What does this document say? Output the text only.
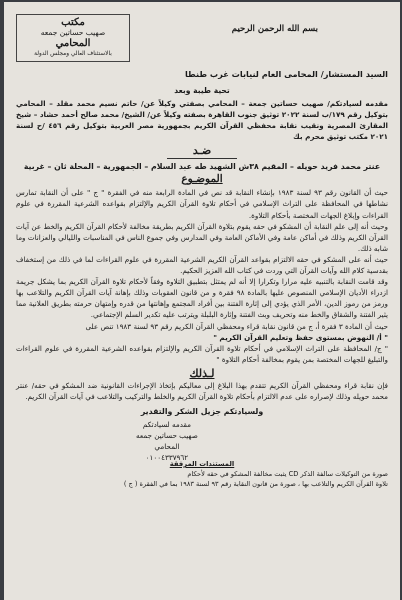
بسم الله الرحمن الرحيم
مكتب
صهيب حساتين جمعه
المحامي
بالاستئناف العالي ومجلس الدولة
السيد المستشار/ المحامى العام لنيابات غرب طنطا
تحية طيبة وبعد

مقدمه لسيادتكم/ صهيب حساتين جمعة – المحامي بصفتي وكيلاً عن/ حاتم نسيم محمد مقلد – المحامي بتوكيل رقم ١٧٩/ب لسنة ٢٠٢٢ توثيق جنوب القاهرة بصفته وكيلاً عن/ الشيخ/ محمد صالح أحمد حشاد – شيخ المقارئ المصرية ونقيب نقابة محفظي القرآن الكريم بجمهورية مصر العربية بتوكيل رقم ٤٥٦ /ح لسنة ٢٠٢١ مكتب توثيق محرم بك

ضـد
عنتر محمد فريد حويله – المقيم ٣٨ش الشهيد طه عبد السلام – الجمهورية – المحلة ثان – غربية
الموضـوع

حيث أن القانون رقم ٩٣ لسنة ١٩٨٣ بإنشاء النقابة قد نص في المادة الرابعة منه في الفقرة " ج " على أن النقابة تمارس نشاطها في المحافظة على التراث الإسلامي في أحكام تلاوة القرآن الكريم والإلتزام بقواعده الشرعية المقررة في علوم القراءات وإبلاغ الجهات المختصة بأحكام التلاوة.

وحيث أنه إلى علم النقابة أن المشكو في حقه يقوم بتلاوة القرآن الكريم بطريقة مخالفة لأحكام القرآن الكريم والخط عن آيات القرآن الكريم وذلك في أماكن عامة وفي الأماكن العامة وفي المدارس وفي جموع الناس في المناسبات والليالي والعزانات وما شابه ذلك.

حيث أنه على المشكو في حقه الالتزام بقواعد القرآن الكريم الشرعية المقررة في علوم القراءات لما في ذلك من إستخفاف بقدسية كلام الله وآيات القرآن التي وردت في كتاب الله العزيز الحكيم.

وقد قامت النقابة بالتنبيه عليه مرارا وتكرارا إلا أنه لم يمتثل بتطبيق التلاوة وفقاً لأحكام تلاوة القرآن الكريم بما يشكل جريمة ازدراء الأديان الإسلامي المنصوص عليها بالمادة ٩٨ فقرة و من قانون العقوبات وذلك بإهانة آيات القرآن الكريم والتلاعب بها ورمز من رموز الدين، الأمر الذي يؤدي إلى إثارة الفتنة بين أفراد المجتمع وإهانتها من قدره وإمتهان حرمته بطريق العلانية مما يثير الفتنة والشقاق والخط منه وتحريف وبث الفتنة وإثارة البلبلة ويترتب عليه تكدير السلم الإجتماعي.

حيث أن المادة ٣ فقرة أ، ج من قانون نقابة قراء ومحفظي القرآن الكريم رقم ٩٣ لسنة ١٩٨٣ تنص على

" أ/ النهوض بمستوى حفظ وتعليم القرآن الكريم "

" ج/ المحافظة على التراث الإسلامي في أحكام تلاوة القرآن الكريم والإلتزام بقواعده الشرعية المقررة في علوم القراءات والتبليغ للجهات المختصة بمن يقوم بمخالفة أحكام التلاوة "

لـذلك

فإن نقابة قراء ومحفظي القرآن الكريم تتقدم بهذا البلاغ إلى معاليكم بإتخاذ الإجراءات القانونية ضد المشكو في حقه/ عنتر محمد حويله وذلك لإصراره على عدم الالتزام بأحكام تلاوة القرآن الكريم والخلط والتركيب والتلاعب في آيات القرآن الكريم.

ولسيادتكم جزيل الشكر والتقدير
مقدمه لسيادتكم
صهيب حساتين جمعه
المحامي
٠١٠٠٤٣٣٧٩٦٢
المستندات المرفقة
صورة من التوكيلات سالفة الذكر CD يثبت مخالفة المشكو في حقه لأحكام
تلاوة القرآن الكريم والتلاعب بها ، صورة من قانون النقابة رقم ٩٣ لسنة ١٩٨٣ بما في الفقرة ( ج )
